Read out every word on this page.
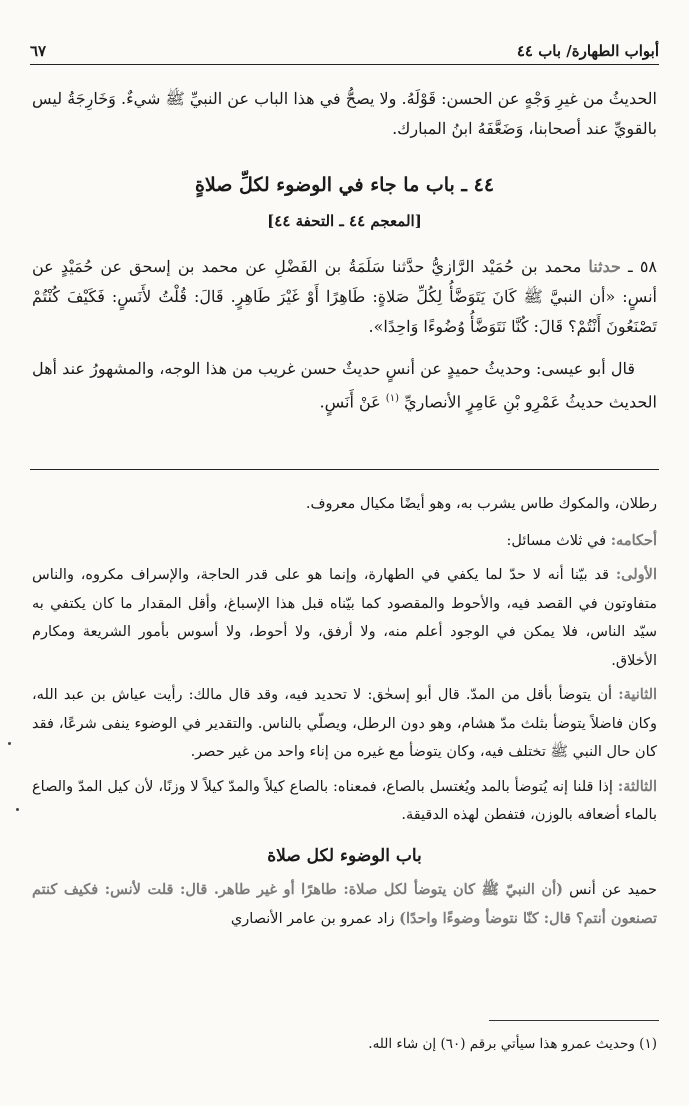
٦٧	أبواب الطهارة/ باب ٤٤

الحديثُ من غيرِ وَجْهٍ عن الحسن: قَوْلَهُ. ولا يصحُّ في هذا الباب عن النبيِّ ﷺ شيءٌ. وَخَارِجَةُ ليس بالقويِّ عند أصحابنا، وَضَعَّفَهُ ابنُ المبارك.

٤٤ ـ باب ما جاء في الوضوء لكلِّ صلاةٍ

[المعجم ٤٤ ـ التحفة ٤٤]

٥٨ ـ حدثنا محمد بن حُمَيْد الرَّازيُّ حدَّثنا سَلَمَةُ بن الفَضْلِ عن محمد بن إسحق عن حُمَيْدٍ عن أنسٍ: «أن النبيَّ ﷺ كَانَ يَتَوَضَّأُ لِكُلِّ صَلاةٍ: طَاهِرًا أَوْ غَيْرَ طَاهِرٍ. قَالَ: قُلْتُ لأَنَسٍ: فَكَيْفَ كُنْتُمْ تَصْنَعُونَ أَنْتُمْ؟ قَالَ: كُنَّا نَتَوَضَّأُ وُضُوءًا وَاحِدًا».

قال أبو عيسى: وحديثُ حميدٍ عن أنسٍ حديثٌ حسن غريب من هذا الوجه، والمشهورُ عند أهل الحديث حديثُ عَمْرِو بْنِ عَامِرٍ الأنصاريِّ $^{(١)}$ عَنْ أَنَسٍ.

رطلان، والمكوك طاس يشرب به، وهو أيضًا مكيال معروف.

أحكامه: في ثلاث مسائل:

الأولى: قد بيّنا أنه لا حدّ لما يكفي في الطهارة، وإنما هو على قدر الحاجة، والإسراف مكروه، والناس متفاوتون في القصد فيه، والأحوط والمقصود كما بيّناه قبل هذا الإسباغ، وأقل المقدار ما كان يكتفي به سيّد الناس، فلا يمكن في الوجود أعلم منه، ولا أرفق، ولا أحوط، ولا أسوس بأمور الشريعة ومكارم الأخلاق.

الثانية: أن يتوضأ بأقل من المدّ. قال أبو إسحٰق: لا تحديد فيه، وقد قال مالك: رأيت عياش بن عبد الله، وكان فاضلاً يتوضأ بثلث مدّ هشام، وهو دون الرطل، ويصلّي بالناس. والتقدير في الوضوء ينفى شرعًا، فقد كان حال النبي ﷺ تختلف فيه، وكان يتوضأ مع غيره من إناء واحد من غير حصر.

الثالثة: إذا قلنا إنه يُتوضأ بالمد ويُغتسل بالصاع، فمعناه: بالصاع كيلاً والمدّ كيلاً لا وزنًا، لأن كيل المدّ والصاع بالماء أضعافه بالوزن، فتفطن لهذه الدقيقة.

باب الوضوء لكل صلاة

حميد عن أنس (أن النبيّ ﷺ كان يتوضأ لكل صلاة: طاهرًا أو غير طاهر. قال: قلت لأنس: فكيف كنتم تصنعون أنتم؟ قال: كنّا نتوضأ وضوءًا واحدًا) زاد عمرو بن عامر الأنصاري

(١) وحديث عمرو هذا سيأتي برقم (٦٠) إن شاء الله.
